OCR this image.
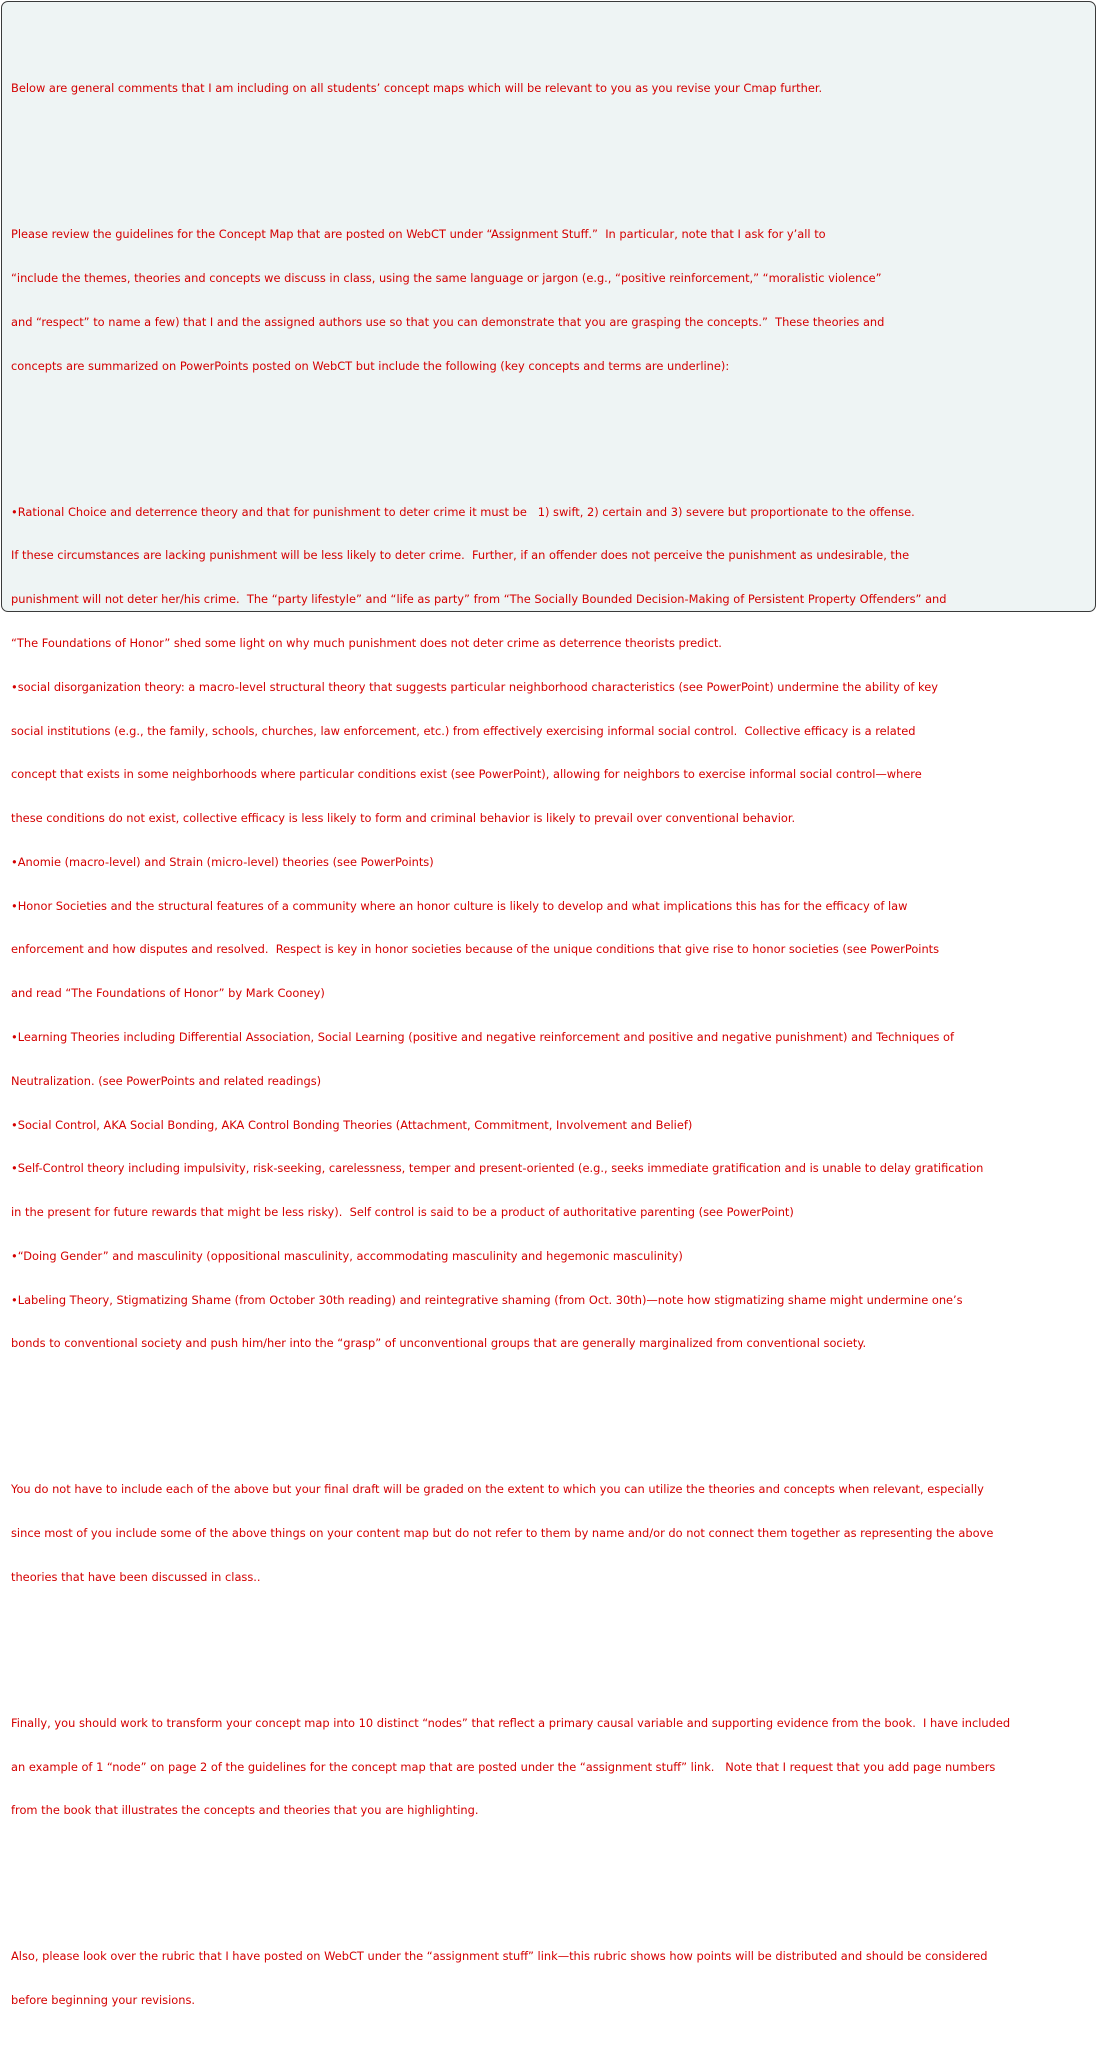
Below are general comments that I am including on all students’ concept maps which will be relevant to you as you revise your Cmap further.

Please review the guidelines for the Concept Map that are posted on WebCT under “Assignment Stuff.”  In particular, note that I ask for y’all to

“include the themes, theories and concepts we discuss in class, using the same language or jargon (e.g., “positive reinforcement,” “moralistic violence”

and “respect” to name a few) that I and the assigned authors use so that you can demonstrate that you are grasping the concepts.”  These theories and

concepts are summarized on PowerPoints posted on WebCT but include the following (key concepts and terms are underline):

•Rational Choice and deterrence theory and that for punishment to deter crime it must be   1) swift, 2) certain and 3) severe but proportionate to the offense.

If these circumstances are lacking punishment will be less likely to deter crime.  Further, if an offender does not perceive the punishment as undesirable, the

punishment will not deter her/his crime.  The “party lifestyle” and “life as party” from “The Socially Bounded Decision-Making of Persistent Property Offenders” and

“The Foundations of Honor” shed some light on why much punishment does not deter crime as deterrence theorists predict.

•social disorganization theory: a macro-level structural theory that suggests particular neighborhood characteristics (see PowerPoint) undermine the ability of key

social institutions (e.g., the family, schools, churches, law enforcement, etc.) from effectively exercising informal social control.  Collective efficacy is a related

concept that exists in some neighborhoods where particular conditions exist (see PowerPoint), allowing for neighbors to exercise informal social control—where

these conditions do not exist, collective efficacy is less likely to form and criminal behavior is likely to prevail over conventional behavior.

•Anomie (macro-level) and Strain (micro-level) theories (see PowerPoints)

•Honor Societies and the structural features of a community where an honor culture is likely to develop and what implications this has for the efficacy of law

enforcement and how disputes and resolved.  Respect is key in honor societies because of the unique conditions that give rise to honor societies (see PowerPoints

and read “The Foundations of Honor” by Mark Cooney)

•Learning Theories including Differential Association, Social Learning (positive and negative reinforcement and positive and negative punishment) and Techniques of

Neutralization. (see PowerPoints and related readings)

•Social Control, AKA Social Bonding, AKA Control Bonding Theories (Attachment, Commitment, Involvement and Belief)

•Self-Control theory including impulsivity, risk-seeking, carelessness, temper and present-oriented (e.g., seeks immediate gratification and is unable to delay gratification

in the present for future rewards that might be less risky).  Self control is said to be a product of authoritative parenting (see PowerPoint)

•“Doing Gender” and masculinity (oppositional masculinity, accommodating masculinity and hegemonic masculinity)

•Labeling Theory, Stigmatizing Shame (from October 30th reading) and reintegrative shaming (from Oct. 30th)—note how stigmatizing shame might undermine one’s

bonds to conventional society and push him/her into the “grasp” of unconventional groups that are generally marginalized from conventional society.

You do not have to include each of the above but your final draft will be graded on the extent to which you can utilize the theories and concepts when relevant, especially

since most of you include some of the above things on your content map but do not refer to them by name and/or do not connect them together as representing the above

theories that have been discussed in class..

Finally, you should work to transform your concept map into 10 distinct “nodes” that reflect a primary causal variable and supporting evidence from the book.  I have included

an example of 1 “node” on page 2 of the guidelines for the concept map that are posted under the “assignment stuff” link.   Note that I request that you add page numbers

from the book that illustrates the concepts and theories that you are highlighting.

Also, please look over the rubric that I have posted on WebCT under the “assignment stuff” link—this rubric shows how points will be distributed and should be considered

before beginning your revisions.
